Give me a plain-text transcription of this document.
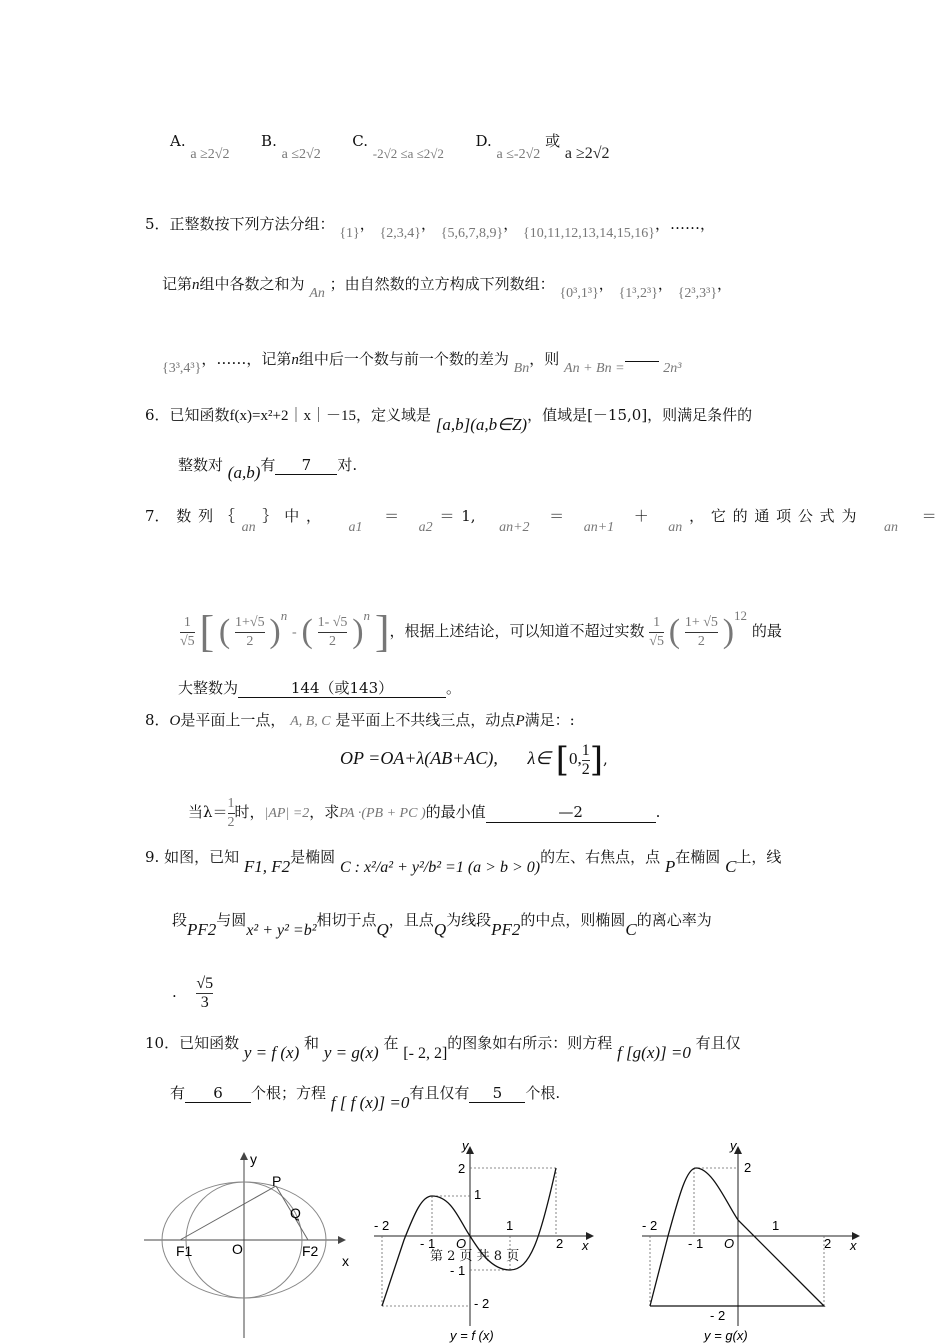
A. a ≥2√2  B. a ≤2√2  C. -2√2 ≤a ≤2√2  D. a ≤-2√2 或 a ≥2√2
5．正整数按下列方法分组： {1}， {2,3,4}， {5,6,7,8,9}， {10,11,12,13,14,15,16}，……，
记第n组中各数之和为 An ；由自然数的立方构成下列数组： {0³,1³}， {1³,2³}， {2³,3³}，
{3³,4³}，……，记第n组中后一个数与前一个数的差为 Bn，则 An + Bn =	2n³
6．已知函数f(x)=x²+2｜x｜－15，定义域是 [a,b](a,b∈Z)，值域是[－15,0]，则满足条件的
整数对 (a,b)有 7 对.
7． 数 列 ｛ an ｝ 中 ，  a1  ＝  a2 ＝ 1,  an+2  ＝  an+1  ＋  an ， 它 的 通 项 公 式 为  an  ＝
$\frac{1}{√5}$ [ ( $\frac{1+√5}{2} )^n$ - ( $\frac{1- √5}{2} )^n$ ]，根据上述结论，可以知道不超过实数 $\frac{1}{√5}$ ( $\frac{1+ √5}{2} )^{12}$ 的最
大整数为	144（或143）	。
8．O是平面上一点， A, B, C 是平面上不共线三点，动点P满足：:
OP =OA+λ(AB+AC), λ∈ [0, $\frac{1}{2}$ ],
当$\lambda= \frac{1}{2}$ 时，|AP| =2，求PA ·(PB + PC )的最小值	—2	.
9. 如图，已知 F1, F2是椭圆 C : x²/a² + y²/b² =1 (a > b > 0)的左、右焦点，点 P在椭圆 C上，线
段PF2与圆x² + y² =b²相切于点Q，且点Q为线段PF2的中点，则椭圆C的离心率为
. $\frac{√5}{3}$
10．已知函数 y = f (x) 和 y = g(x) 在 [- 2, 2]的图象如右所示：则方程 f [g(x)] =0 有且仅
有 6 个根；方程 f [ f (x)] =0有且仅有 5 个根.
y
x
P
Q
O
F1	F2
y
x
O
- 2
- 1
1
2
2
1
- 1
- 2
y = f (x)
y
x
O
- 2
- 1
1
2
2
- 2
y = g(x)
第 2 页 共 8 页
